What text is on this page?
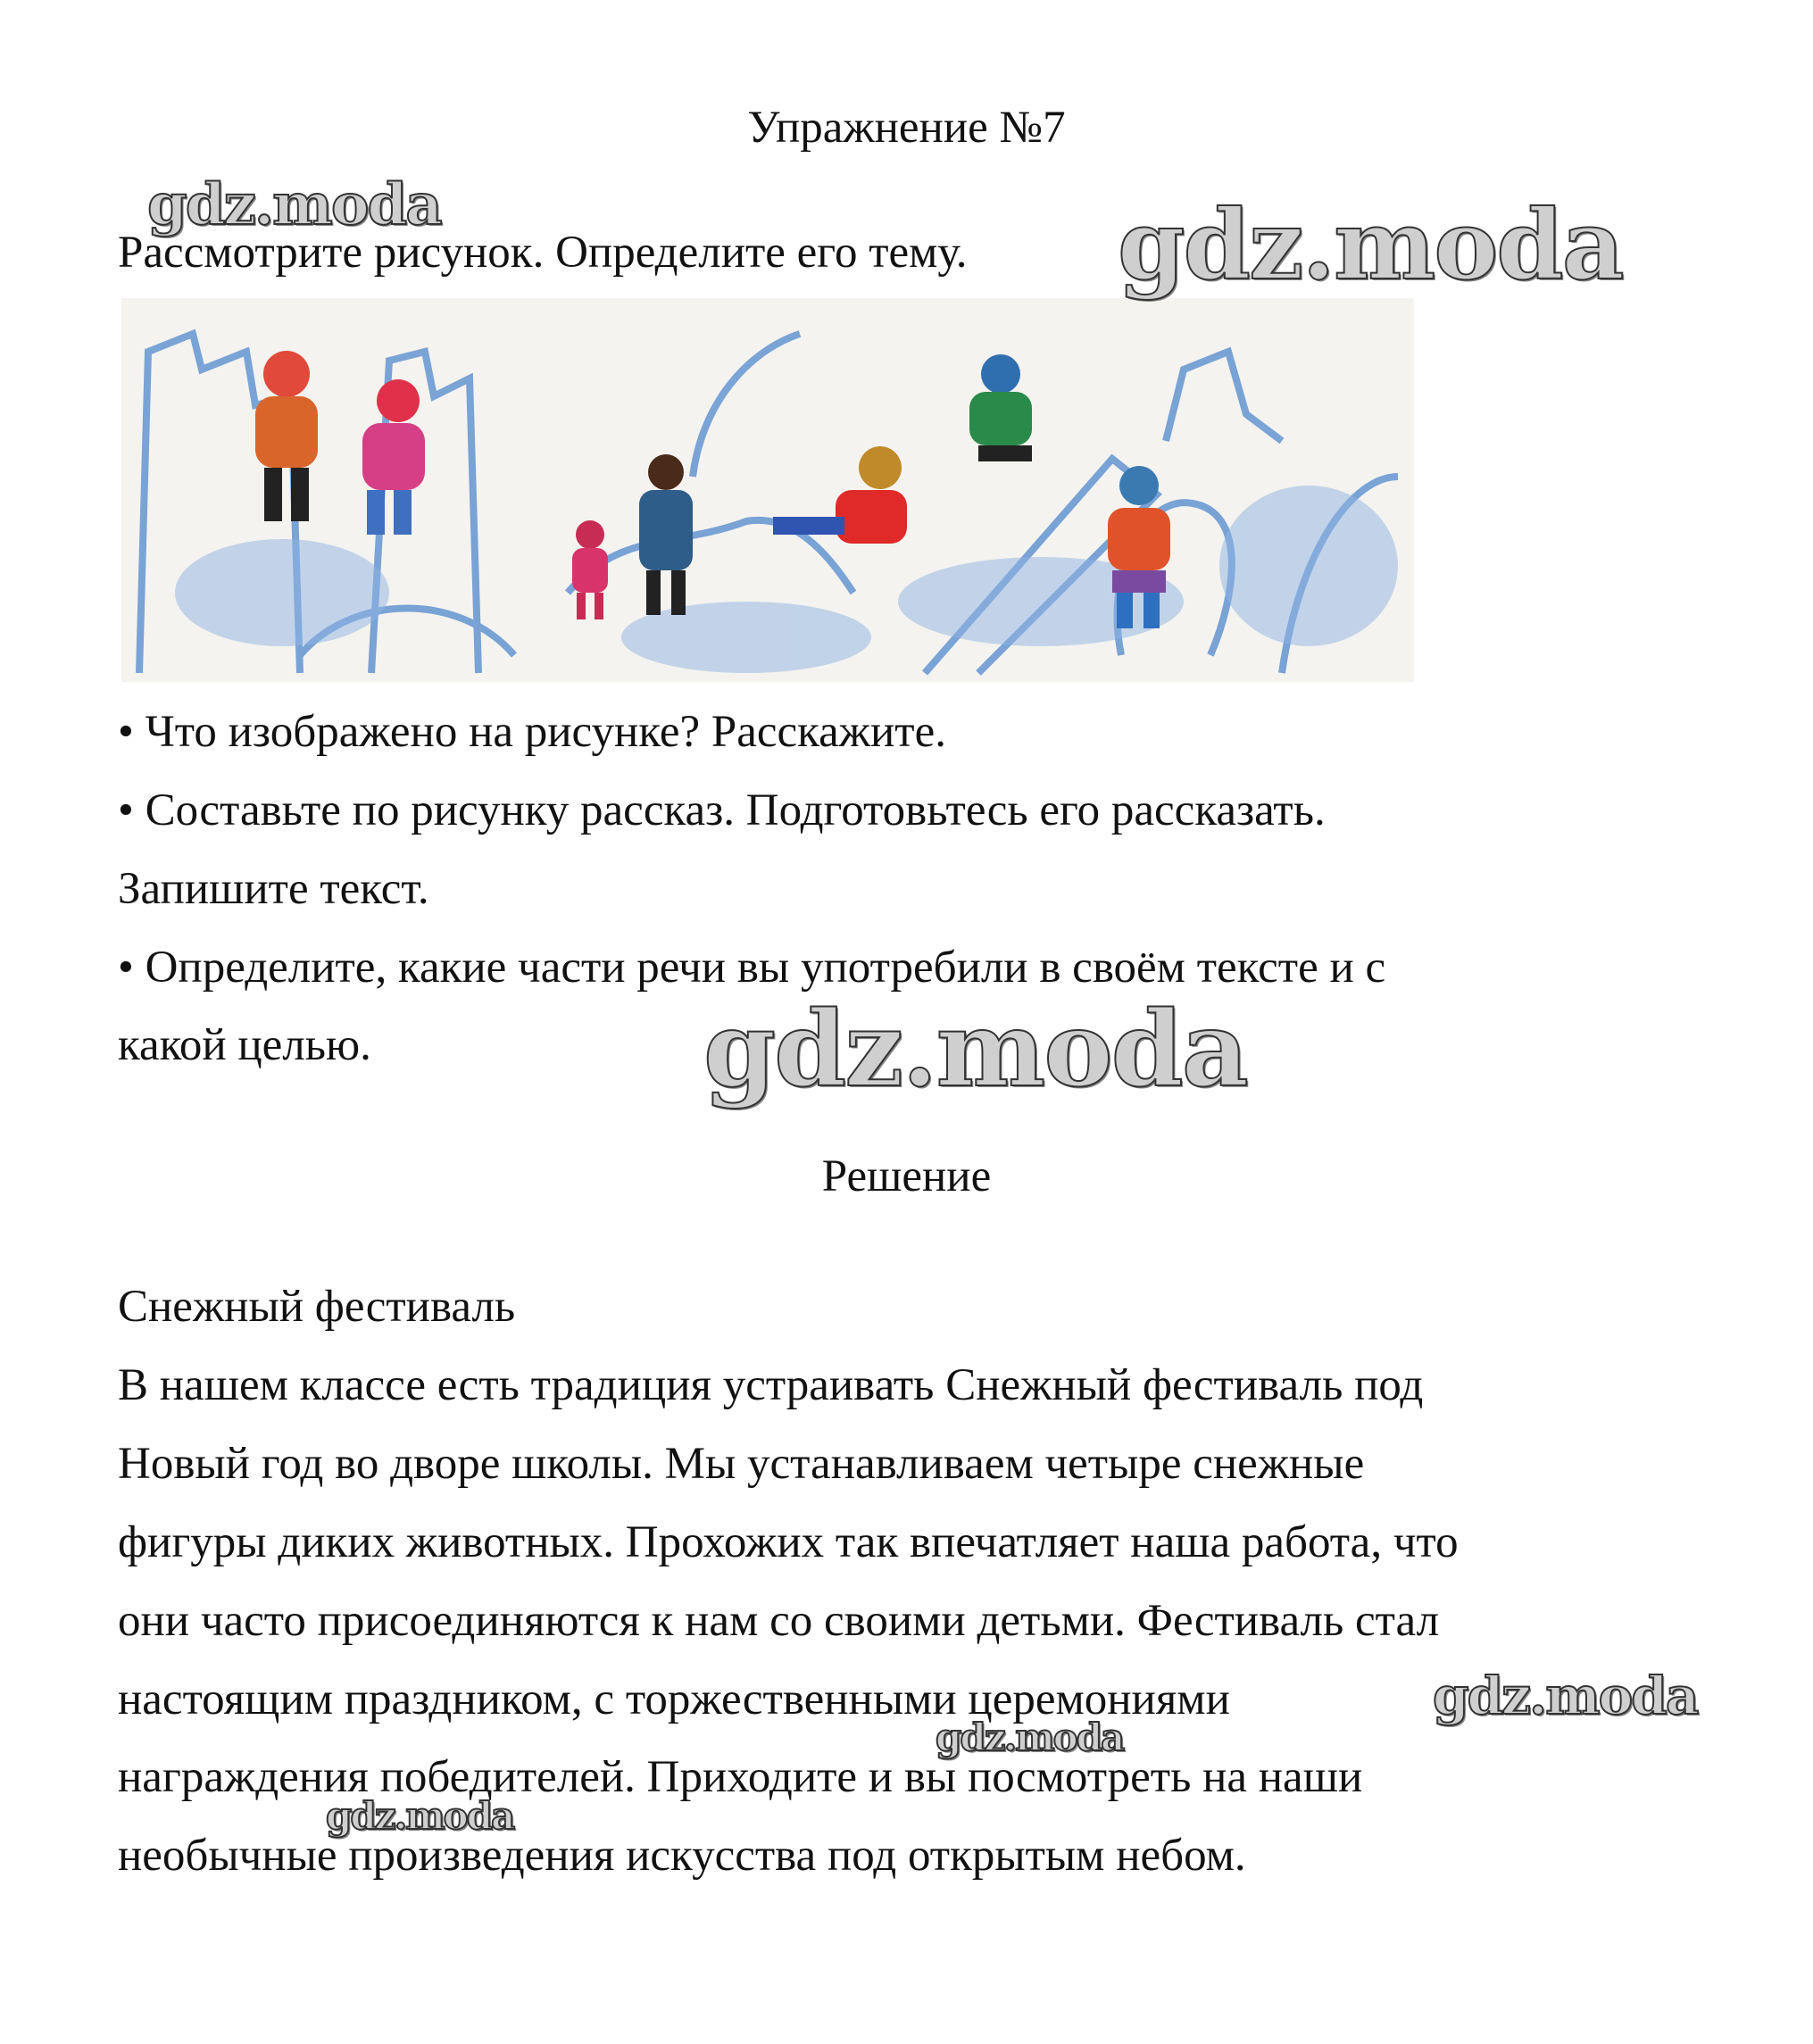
Упражнение №7
Рассмотрите рисунок. Определите его тему.
• Что изображено на рисунке? Расскажите.
• Составьте по рисунку рассказ. Подготовьтесь его рассказать.
Запишите текст.
• Определите, какие части речи вы употребили в своём тексте и с
какой целью.
Решение
Снежный фестиваль
В нашем классе есть традиция устраивать Снежный фестиваль под
Новый год во дворе школы. Мы устанавливаем четыре снежные
фигуры диких животных. Прохожих так впечатляет наша работа, что
они часто присоединяются к нам со своими детьми. Фестиваль стал
настоящим праздником, с торжественными церемониями
награждения победителей. Приходите и вы посмотреть на наши
необычные произведения искусства под открытым небом.
gdz.moda	gdz.moda
gdz.moda
gdz.moda
gdz.moda
gdz.moda
